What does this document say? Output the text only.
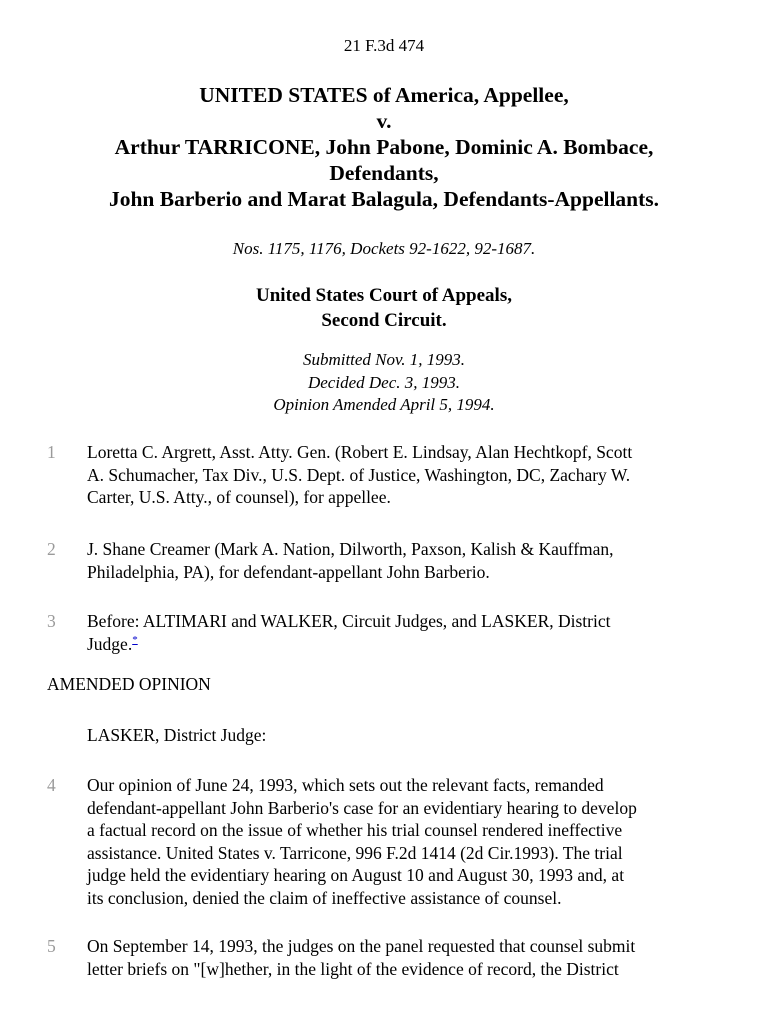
21 F.3d 474
UNITED STATES of America, Appellee,
v.
Arthur TARRICONE, John Pabone, Dominic A. Bombace,
Defendants,
John Barberio and Marat Balagula, Defendants-Appellants.
Nos. 1175, 1176, Dockets 92-1622, 92-1687.
United States Court of Appeals,
Second Circuit.
Submitted Nov. 1, 1993.
Decided Dec. 3, 1993.
Opinion Amended April 5, 1994.
1 Loretta C. Argrett, Asst. Atty. Gen. (Robert E. Lindsay, Alan Hechtkopf, Scott
A. Schumacher, Tax Div., U.S. Dept. of Justice, Washington, DC, Zachary W.
Carter, U.S. Atty., of counsel), for appellee.
2 J. Shane Creamer (Mark A. Nation, Dilworth, Paxson, Kalish & Kauffman,
Philadelphia, PA), for defendant-appellant John Barberio.
3 Before: ALTIMARI and WALKER, Circuit Judges, and LASKER, District
Judge.*
AMENDED OPINION
LASKER, District Judge:
4 Our opinion of June 24, 1993, which sets out the relevant facts, remanded
defendant-appellant John Barberio's case for an evidentiary hearing to develop
a factual record on the issue of whether his trial counsel rendered ineffective
assistance. United States v. Tarricone, 996 F.2d 1414 (2d Cir.1993). The trial
judge held the evidentiary hearing on August 10 and August 30, 1993 and, at
its conclusion, denied the claim of ineffective assistance of counsel.
5 On September 14, 1993, the judges on the panel requested that counsel submit
letter briefs on "[w]hether, in the light of the evidence of record, the District
